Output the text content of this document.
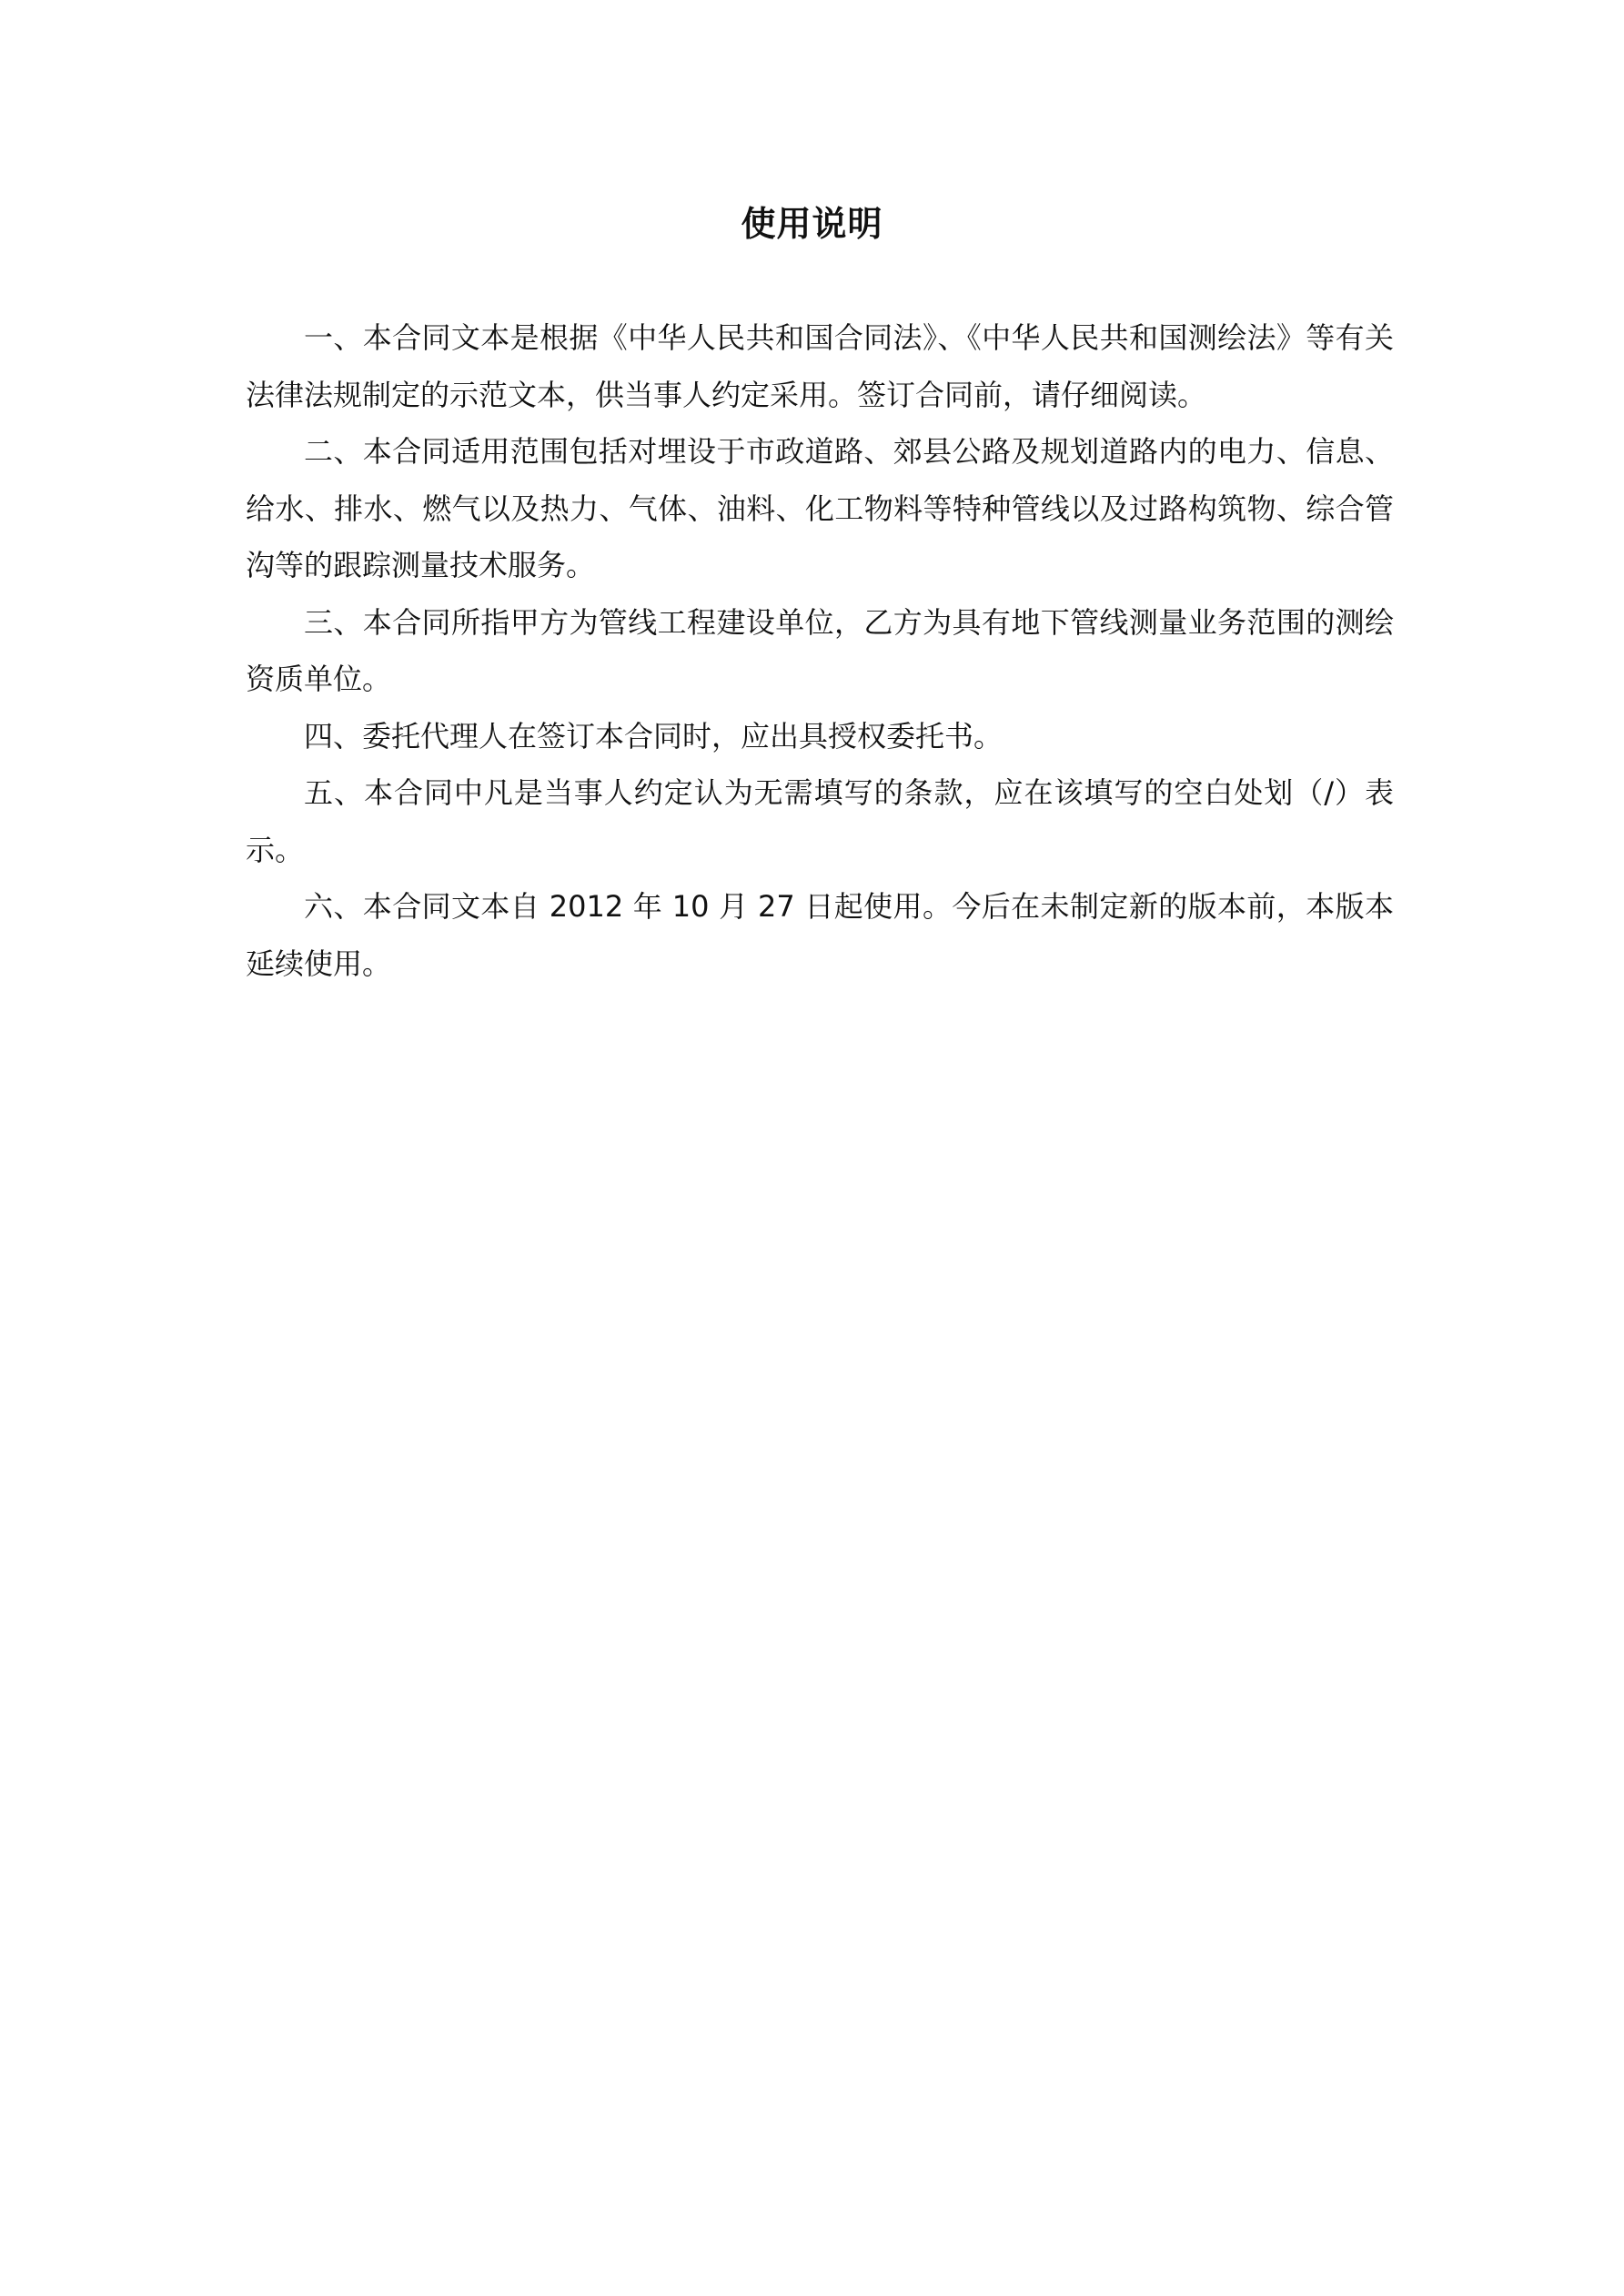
使用说明

一、本合同文本是根据《中华人民共和国合同法》、《中华人民共和国测绘法》等有关法律法规制定的示范文本，供当事人约定采用。签订合同前，请仔细阅读。

二、本合同适用范围包括对埋设于市政道路、郊县公路及规划道路内的电力、信息、给水、排水、燃气以及热力、气体、油料、化工物料等特种管线以及过路构筑物、综合管沟等的跟踪测量技术服务。

三、本合同所指甲方为管线工程建设单位，乙方为具有地下管线测量业务范围的测绘资质单位。

四、委托代理人在签订本合同时，应出具授权委托书。

五、本合同中凡是当事人约定认为无需填写的条款，应在该填写的空白处划（/）表示。

六、本合同文本自 2012 年 10 月 27 日起使用。今后在未制定新的版本前，本版本延续使用。
